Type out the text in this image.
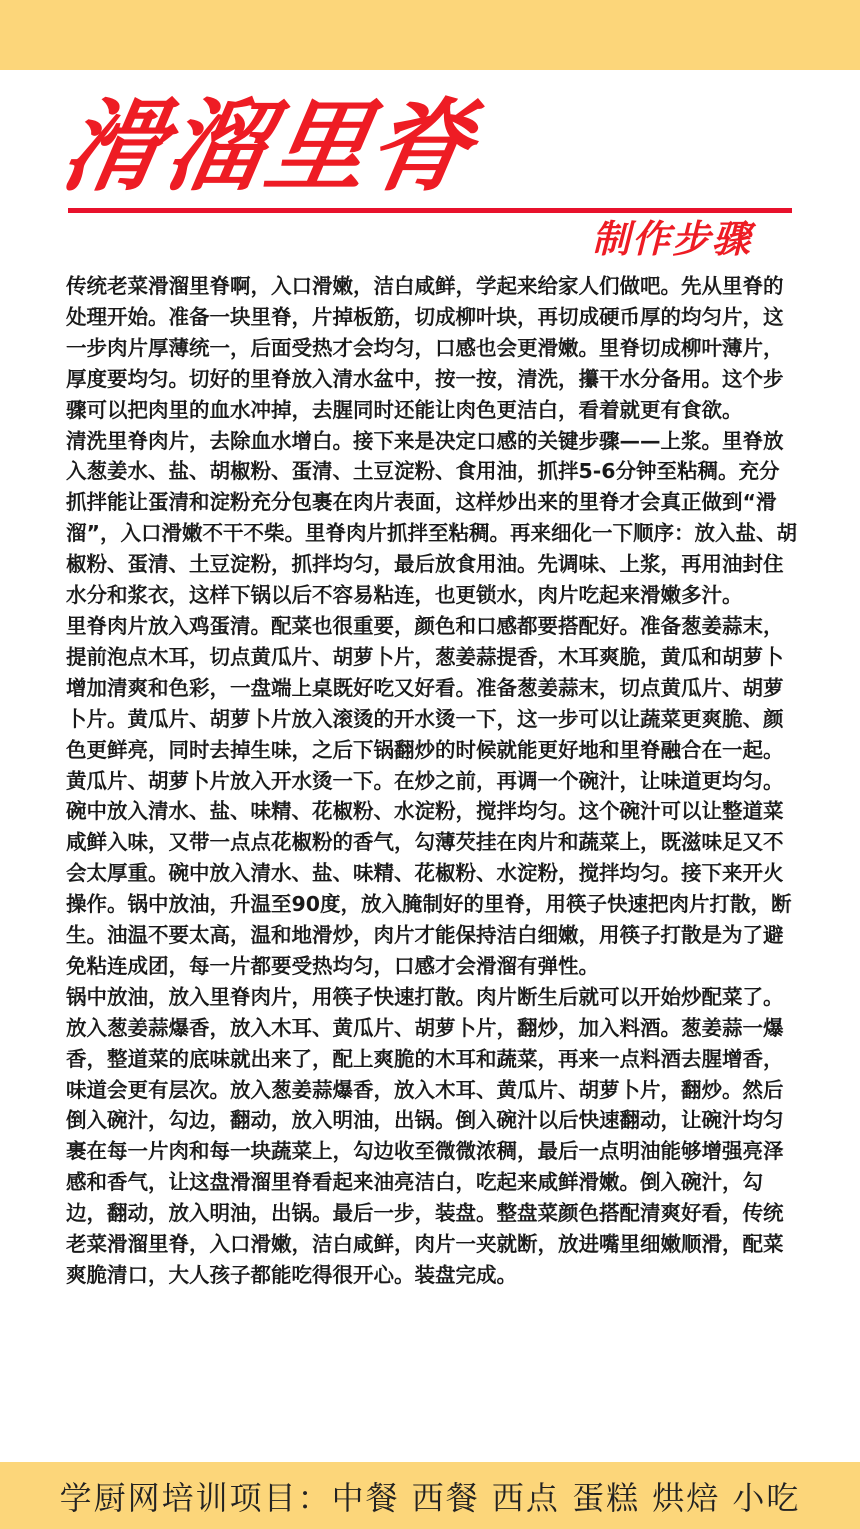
滑溜里脊
制作步骤

传统老菜滑溜里脊啊，入口滑嫩，洁白咸鲜，学起来给家人们做吧。先从里脊的处理开始。准备一块里脊，片掉板筋，切成柳叶块，再切成硬币厚的均匀片，这一步肉片厚薄统一，后面受热才会均匀，口感也会更滑嫩。里脊切成柳叶薄片，厚度要均匀。切好的里脊放入清水盆中，按一按，清洗，攥干水分备用。这个步骤可以把肉里的血水冲掉，去腥同时还能让肉色更洁白，看着就更有食欲。

清洗里脊肉片，去除血水增白。接下来是决定口感的关键步骤——上浆。里脊放入葱姜水、盐、胡椒粉、蛋清、土豆淀粉、食用油，抓拌5-6分钟至粘稠。充分抓拌能让蛋清和淀粉充分包裹在肉片表面，这样炒出来的里脊才会真正做到“滑溜”，入口滑嫩不干不柴。里脊肉片抓拌至粘稠。再来细化一下顺序：放入盐、胡椒粉、蛋清、土豆淀粉，抓拌均匀，最后放食用油。先调味、上浆，再用油封住水分和浆衣，这样下锅以后不容易粘连，也更锁水，肉片吃起来滑嫩多汁。

里脊肉片放入鸡蛋清。配菜也很重要，颜色和口感都要搭配好。准备葱姜蒜末，提前泡点木耳，切点黄瓜片、胡萝卜片，葱姜蒜提香，木耳爽脆，黄瓜和胡萝卜增加清爽和色彩，一盘端上桌既好吃又好看。准备葱姜蒜末，切点黄瓜片、胡萝卜片。黄瓜片、胡萝卜片放入滚烫的开水烫一下，这一步可以让蔬菜更爽脆、颜色更鲜亮，同时去掉生味，之后下锅翻炒的时候就能更好地和里脊融合在一起。

黄瓜片、胡萝卜片放入开水烫一下。在炒之前，再调一个碗汁，让味道更均匀。碗中放入清水、盐、味精、花椒粉、水淀粉，搅拌均匀。这个碗汁可以让整道菜咸鲜入味，又带一点点花椒粉的香气，勾薄芡挂在肉片和蔬菜上，既滋味足又不会太厚重。碗中放入清水、盐、味精、花椒粉、水淀粉，搅拌均匀。接下来开火操作。锅中放油，升温至90度，放入腌制好的里脊，用筷子快速把肉片打散，断生。油温不要太高，温和地滑炒，肉片才能保持洁白细嫩，用筷子打散是为了避免粘连成团，每一片都要受热均匀，口感才会滑溜有弹性。

锅中放油，放入里脊肉片，用筷子快速打散。肉片断生后就可以开始炒配菜了。放入葱姜蒜爆香，放入木耳、黄瓜片、胡萝卜片，翻炒，加入料酒。葱姜蒜一爆香，整道菜的底味就出来了，配上爽脆的木耳和蔬菜，再来一点料酒去腥增香，味道会更有层次。放入葱姜蒜爆香，放入木耳、黄瓜片、胡萝卜片，翻炒。然后倒入碗汁，勾边，翻动，放入明油，出锅。倒入碗汁以后快速翻动，让碗汁均匀裹在每一片肉和每一块蔬菜上，勾边收至微微浓稠，最后一点明油能够增强亮泽感和香气，让这盘滑溜里脊看起来油亮洁白，吃起来咸鲜滑嫩。倒入碗汁，勾边，翻动，放入明油，出锅。最后一步，装盘。整盘菜颜色搭配清爽好看，传统老菜滑溜里脊，入口滑嫩，洁白咸鲜，肉片一夹就断，放进嘴里细嫩顺滑，配菜爽脆清口，大人孩子都能吃得很开心。装盘完成。

学厨网培训项目：中餐 西餐 西点 蛋糕 烘焙 小吃
